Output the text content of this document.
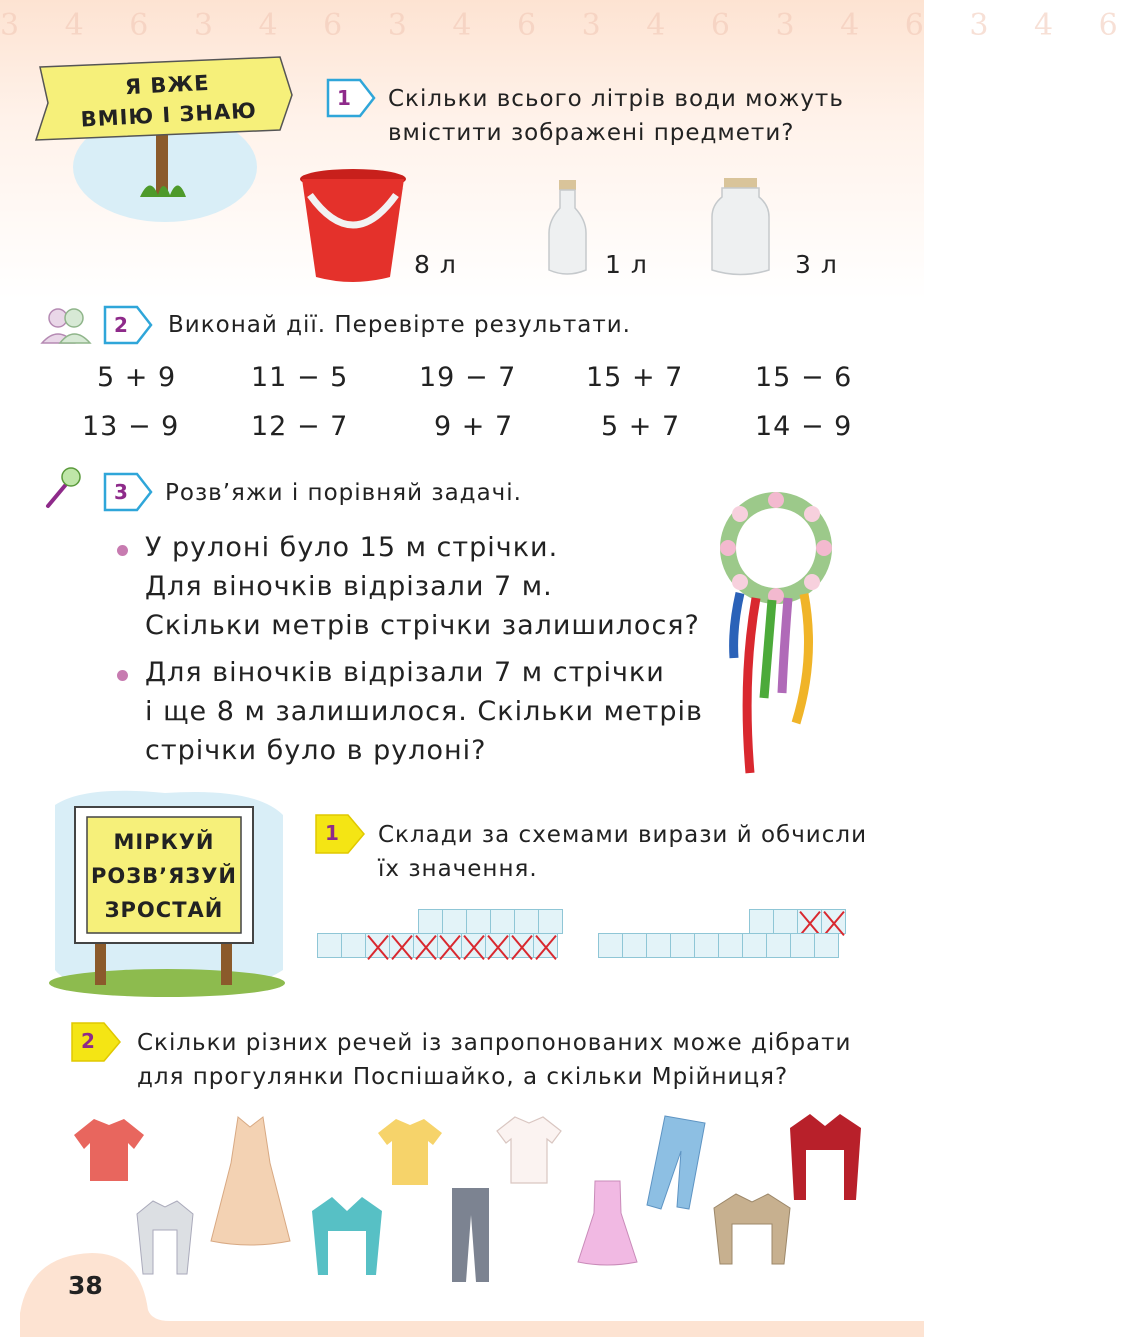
3 4 6 3 4 6 3 4 6 3 4 6 3 4 6 3 4 6
Я ВЖЕ
ВМІЮ І ЗНАЮ
1	Скільки всього літрів води можуть
вмістити зображені предмети?
8 л	1 л	3 л
2	Виконай дії. Перевірте результати.
5 + 9	11 − 5	19 − 7	15 + 7	15 − 6
13 − 9	12 − 7	9 + 7	5 + 7	14 − 9
3	Розв’яжи і порівняй задачі.
У рулоні було 15 м стрічки.
Для віночків відрізали 7 м.
Скільки метрів стрічки залишилося?
Для віночків відрізали 7 м стрічки
і ще 8 м залишилося. Скільки метрів
стрічки було в рулоні?
МІРКУЙ
РОЗВ’ЯЗУЙ
ЗРОСТАЙ
1	Склади за схемами вирази й обчисли
їх значення.
2	Скільки різних речей із запропонованих може дібрати
для прогулянки Поспішайко, а скільки Мрійниця?
38
